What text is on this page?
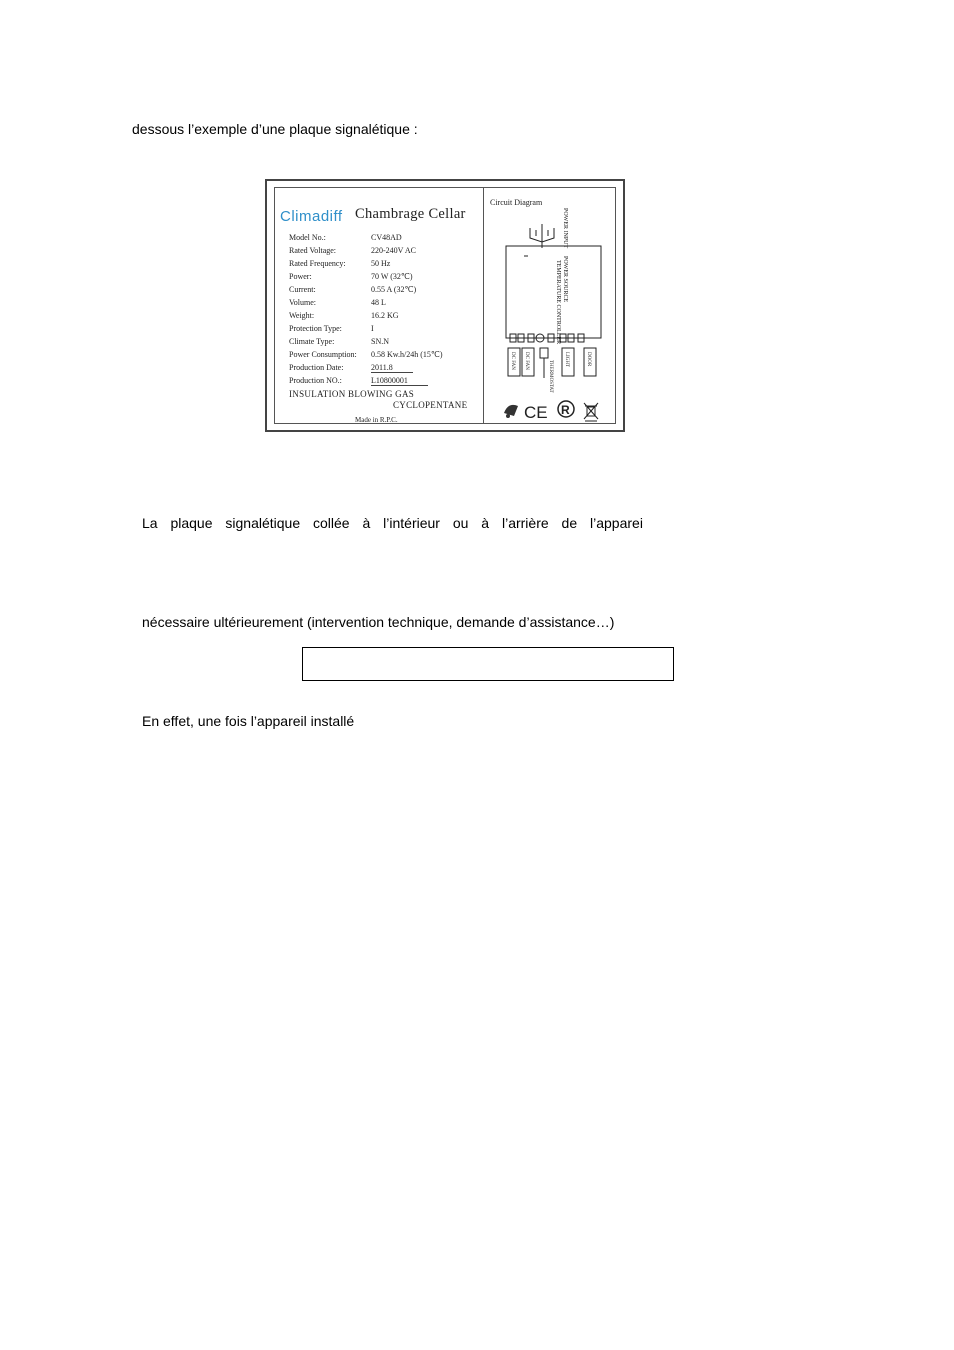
dessous l’exemple d’une plaque signalétique :
Climadiff Chambrage Cellar
Model No.:	CV48AD
Rated Voltage:	220-240V AC
Rated Frequency:	50 Hz
Power:	70 W (32℃)
Current:	0.55 A (32℃)
Volume:	48 L
Weight:	16.2 KG
Protection Type:	I
Climate Type:	SN.N
Power Consumption: 0.58 Kw.h/24h (15℃)
Production Date:	2011.8
Production NO.:	L10800001
INSULATION BLOWING GAS
CYCLOPENTANE
Made in R.P.C.
POWER INPUT
POWER SOURCE
TEMPERATURE CONTROLLER
DC FAN DC FAN	THERMOSTAT
LIGHT	DOOR
CE R
Circuit Diagram
La plaque signalétique collée à l’intérieur ou à l’arrière de l’apparei
nécessaire ultérieurement (intervention technique, demande d’assistance…)
En effet, une fois l’appareil installé
